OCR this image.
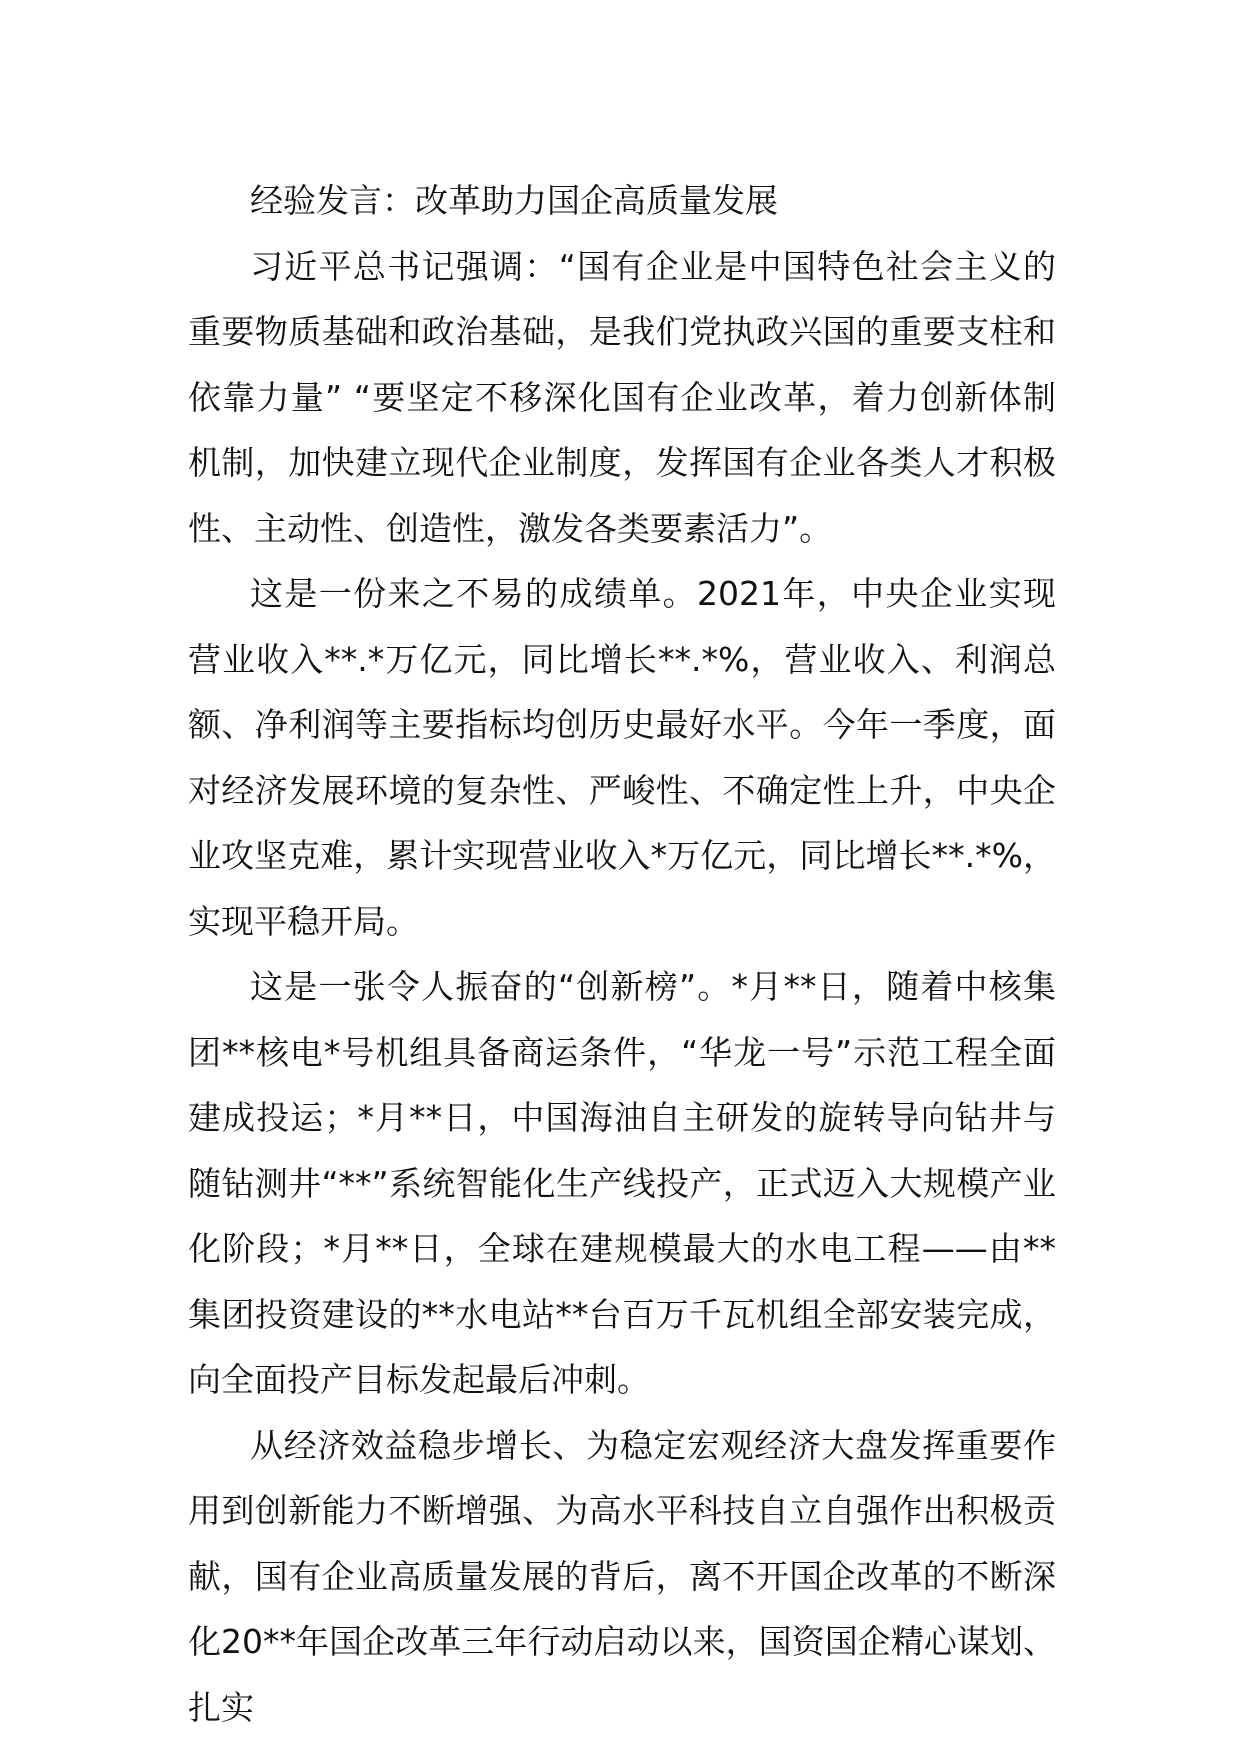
经验发言：改革助力国企高质量发展

习近平总书记强调：“国有企业是中国特色社会主义的重要物质基础和政治基础，是我们党执政兴国的重要支柱和依靠力量” “要坚定不移深化国有企业改革，着力创新体制机制，加快建立现代企业制度，发挥国有企业各类人才积极性、主动性、创造性，激发各类要素活力”。

这是一份来之不易的成绩单。2021年，中央企业实现营业收入**.*万亿元，同比增长**.*%，营业收入、利润总额、净利润等主要指标均创历史最好水平。今年一季度，面对经济发展环境的复杂性、严峻性、不确定性上升，中央企业攻坚克难，累计实现营业收入*万亿元，同比增长**.*%，实现平稳开局。

这是一张令人振奋的“创新榜”。*月**日，随着中核集团**核电*号机组具备商运条件，“华龙一号”示范工程全面建成投运；*月**日，中国海油自主研发的旋转导向钻井与随钻测井“**”系统智能化生产线投产，正式迈入大规模产业化阶段；*月**日，全球在建规模最大的水电工程——由**集团投资建设的**水电站**台百万千瓦机组全部安装完成，向全面投产目标发起最后冲刺。

从经济效益稳步增长、为稳定宏观经济大盘发挥重要作用到创新能力不断增强、为高水平科技自立自强作出积极贡献，国有企业高质量发展的背后，离不开国企改革的不断深化20**年国企改革三年行动启动以来，国资国企精心谋划、扎实
